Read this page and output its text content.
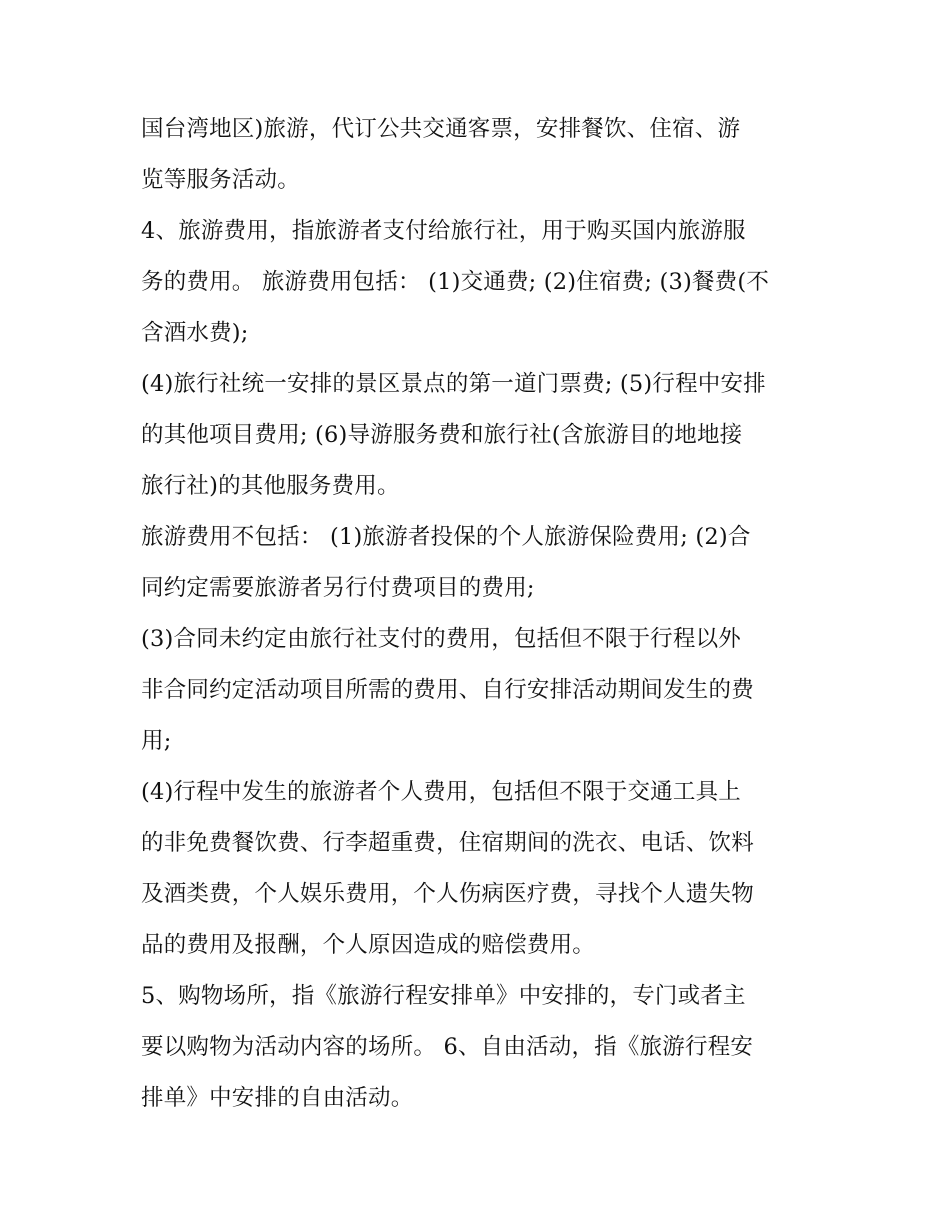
国台湾地区)旅游，代订公共交通客票，安排餐饮、住宿、游
览等服务活动。
4、旅游费用，指旅游者支付给旅行社，用于购买国内旅游服
务的费用。 旅游费用包括： (1)交通费; (2)住宿费; (3)餐费(不
含酒水费);
(4)旅行社统一安排的景区景点的第一道门票费; (5)行程中安排
的其他项目费用; (6)导游服务费和旅行社(含旅游目的地地接
旅行社)的其他服务费用。
旅游费用不包括： (1)旅游者投保的个人旅游保险费用; (2)合
同约定需要旅游者另行付费项目的费用;
(3)合同未约定由旅行社支付的费用，包括但不限于行程以外
非合同约定活动项目所需的费用、自行安排活动期间发生的费
用;
(4)行程中发生的旅游者个人费用，包括但不限于交通工具上
的非免费餐饮费、行李超重费，住宿期间的洗衣、电话、饮料
及酒类费，个人娱乐费用，个人伤病医疗费，寻找个人遗失物
品的费用及报酬，个人原因造成的赔偿费用。
5、购物场所，指《旅游行程安排单》中安排的，专门或者主
要以购物为活动内容的场所。 6、自由活动，指《旅游行程安
排单》中安排的自由活动。
